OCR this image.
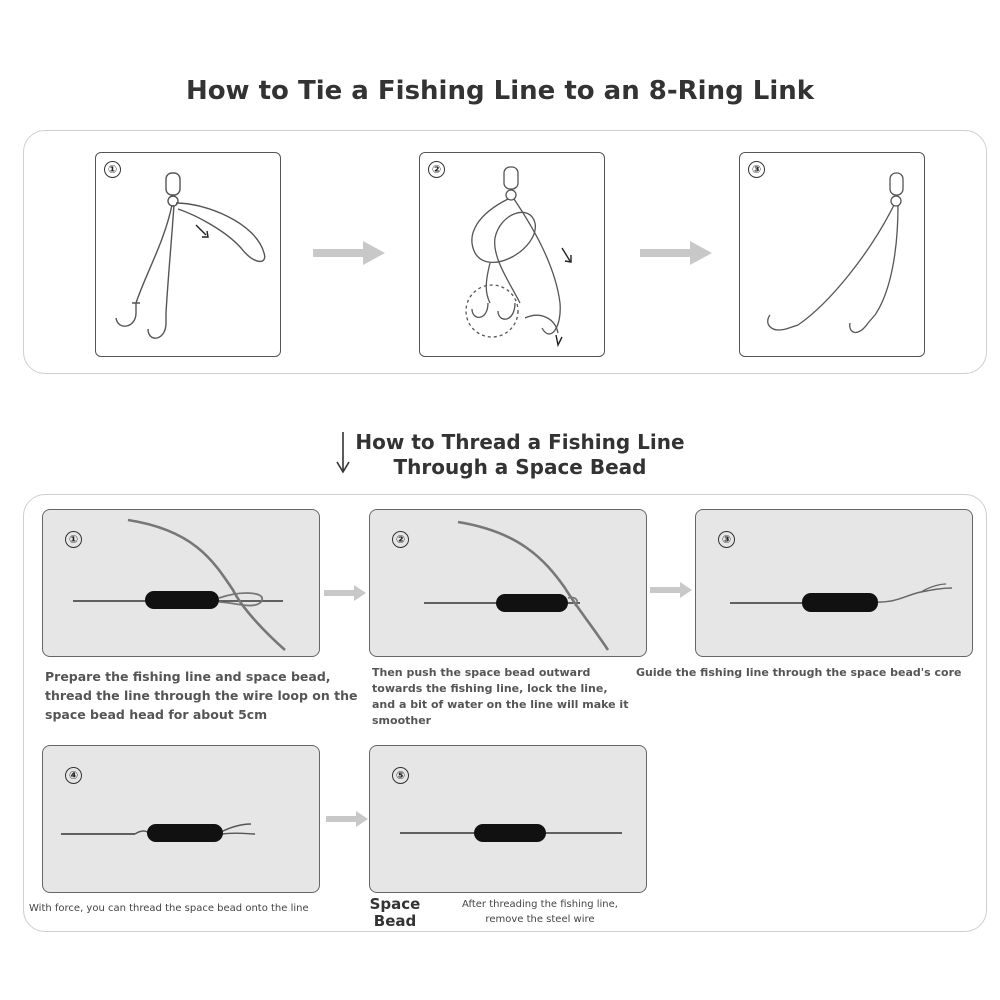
How to Tie a Fishing Line to an 8-Ring Link
①	②	③
How to Thread a Fishing Line
Through a Space Bead
①
Prepare the fishing line and space bead, thread the line through the wire loop on the space bead head for about 5cm
②
Then push the space bead outward towards the fishing line, lock the line, and a bit of water on the line will make it smoother
③
Guide the fishing line through the space bead's core
④
With force, you can thread the space bead onto the line
⑤
Space
Bead
After threading the fishing line, remove the steel wire
